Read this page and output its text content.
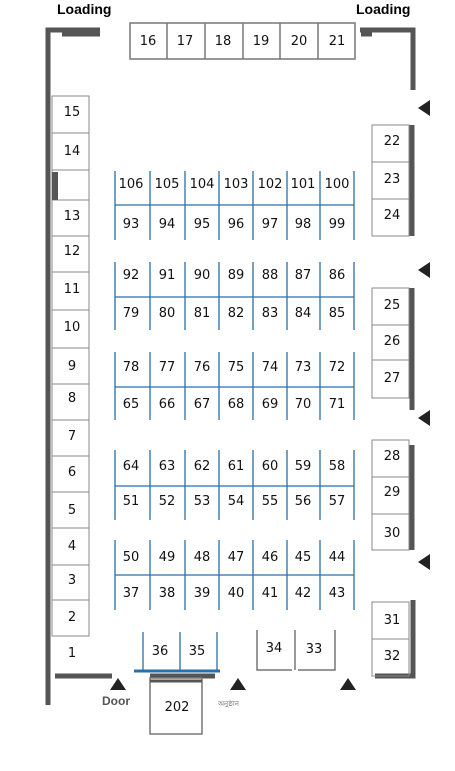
Loading	Loading
Door	অনুষ্ঠান
16	17	18	19	20	21
15
14
13
12
11
10
9
8
7
6
5
4
3
2
1
22
23
24
25
26
27
28
29
30
31
32
106 105 104 103 102 101 100
93	94	95	96	97	98	99
92	91	90	89	88	87	86
79	80	81	82	83	84	85
78	77	76	75	74	73	72
65	66	67	68	69	70	71
64	63	62	61	60	59	58
51	52	53	54	55	56	57
50	49	48	47	46	45	44
37	38	39	40	41	42	43
36	35	34	33
202
